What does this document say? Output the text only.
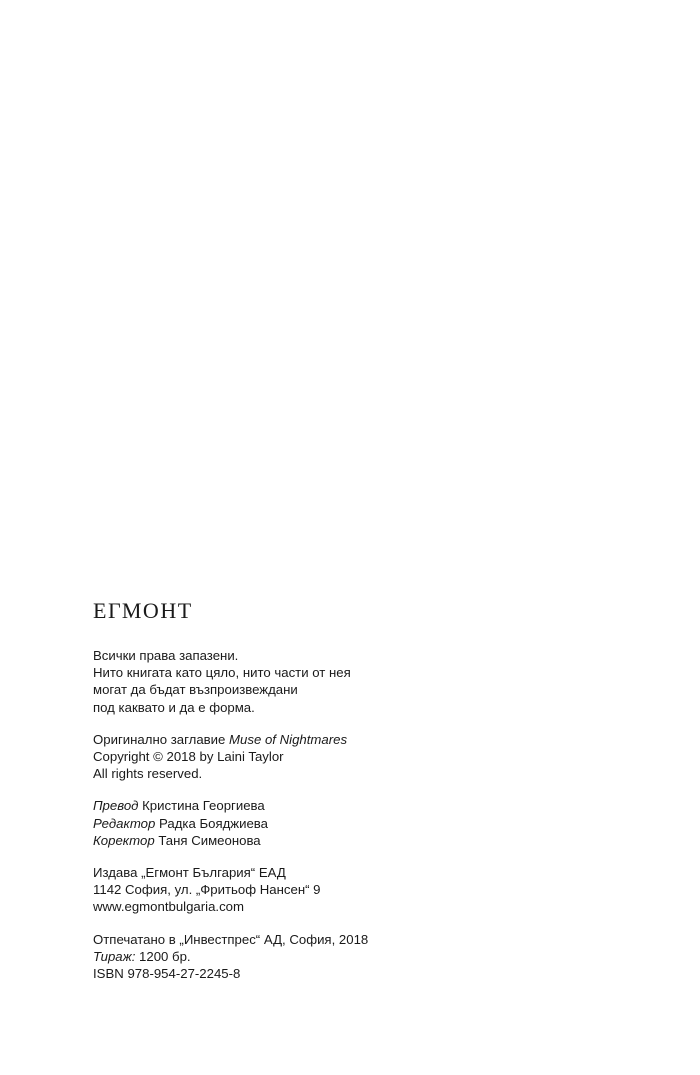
ЕГМОНТ
Всички права запазени.
Нито книгата като цяло, нито части от нея
могат да бъдат възпроизвеждани
под каквато и да е форма.
Оригинално заглавие Muse of Nightmares
Copyright © 2018 by Laini Taylor
All rights reserved.
Превод Кристина Георгиева
Редактор Радка Бояджиева
Коректор Таня Симеонова
Издава „Егмонт България“ ЕАД
1142 София, ул. „Фритьоф Нансен“ 9
www.egmontbulgaria.com
Отпечатано в „Инвестпрес“ АД, София, 2018
Тираж: 1200 бр.
ISBN 978-954-27-2245-8
